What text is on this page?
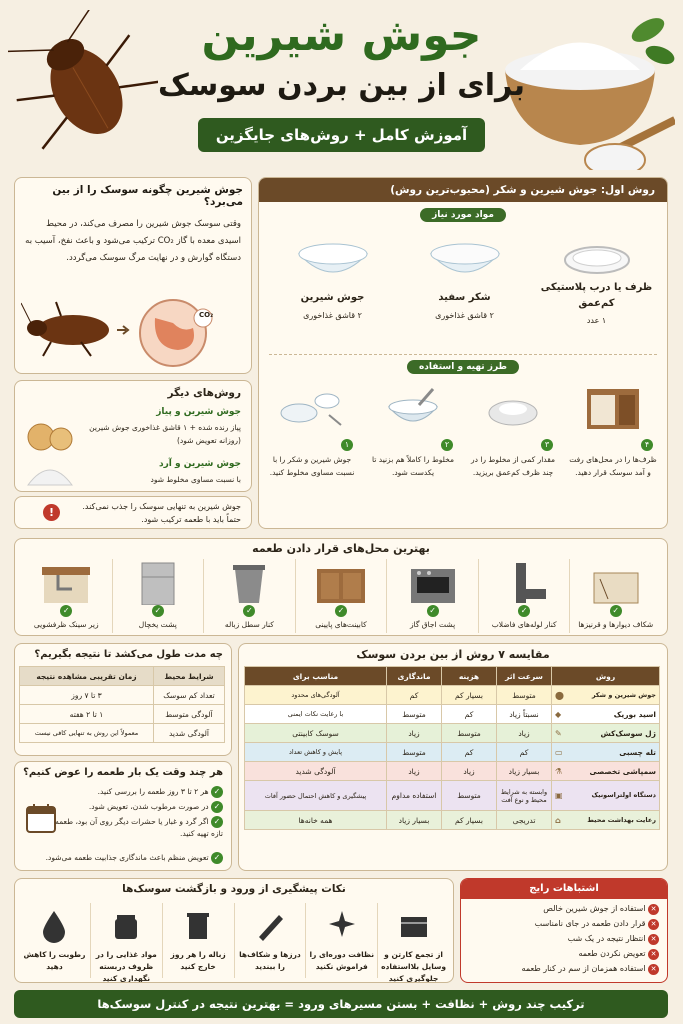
جوش شیرین
برای از بین بردن سوسک
آموزش کامل + روش‌های جایگزین
جوش شیرین چگونه سوسک را از بین می‌برد؟
وقتی سوسک جوش شیرین را مصرف می‌کند، در محیط اسیدی معده با گاز CO₂ ترکیب می‌شود و باعث نفخ، آسیب به دستگاه گوارش و در نهایت مرگ سوسک می‌گردد.
CO₂
روش‌های دیگر
جوش شیرین و پیاز
پیاز رنده شده + ۱ قاشق غذاخوری جوش شیرین (روزانه تعویض شود)
جوش شیرین و آرد
با نسبت مساوی مخلوط شود
!	جوش شیرین به تنهایی سوسک را جذب نمی‌کند. حتماً باید با طعمه ترکیب شود.
روش اول: جوش شیرین و شکر (محبوب‌ترین روش)
مواد مورد نیاز
ظرف یا درب پلاستیکی کم‌عمق
۱ عدد
شکر سفید
۲ قاشق غذاخوری
جوش شیرین
۲ قاشق غذاخوری
طرز تهیه و استفاده
۴
ظرف‌ها را در محل‌های رفت و آمد سوسک قرار دهید.
۳
مقدار کمی از مخلوط را در چند ظرف کم‌عمق بریزید.
۲
مخلوط را کاملاً هم بزنید تا یکدست شود.
۱
جوش شیرین و شکر را با نسبت مساوی مخلوط کنید.
بهترین محل‌های قرار دادن طعمه
✓
شکاف دیوارها و قرنیزها
✓
کنار لوله‌های فاضلاب
✓
پشت اجاق گاز
✓
کابینت‌های پایینی
✓
کنار سطل زباله
✓
پشت یخچال
✓
زیر سینک ظرفشویی
چه مدت طول می‌کشد تا نتیجه بگیریم؟
شرایط محیط	زمان تقریبی مشاهده نتیجه
تعداد کم سوسک	۳ تا ۷ روز
آلودگی متوسط	۱ تا ۲ هفته
آلودگی شدید	معمولاً این روش به تنهایی کافی نیست
هر چند وقت یک بار طعمه را عوض کنیم؟
✓ هر ۲ تا ۳ روز طعمه را بررسی کنید.
✓ در صورت مرطوب شدن، تعویض شود.
✓ اگر گرد و غبار یا حشرات دیگر روی آن بود، طعمه تازه تهیه کنید.
✓ تعویض منظم باعث ماندگاری جذابیت طعمه می‌شود.
مقایسه ۷ روش از بین بردن سوسک
روش	سرعت اثر	هزینه	ماندگاری	مناسب برای

⬤ جوش شیرین و شکر	متوسط	بسیار کم	کم	آلودگی‌های محدود

◆ اسید بوریک	نسبتاً زیاد	کم	متوسط	با رعایت نکات ایمنی

✎ ژل سوسک‌کش	زیاد	متوسط	زیاد	سوسک کابینتی

▭ تله چسبی	کم	کم	متوسط	پایش و کاهش تعداد

⚗ سمپاشی تخصصی	بسیار زیاد	زیاد	زیاد	آلودگی شدید

▣ دستگاه اولتراسونیک	وابسته به شرایط محیط و نوع آفت	متوسط	استفاده مداوم	پیشگیری و کاهش احتمال حضور آفات

⌂ رعایت بهداشت محیط	تدریجی	بسیار کم	بسیار زیاد	همه خانه‌ها
نکات پیشگیری از ورود و بازگشت سوسک‌ها
از تجمع کارتن و وسایل بلااستفاده جلوگیری کنید
نظافت دوره‌ای را فراموش نکنید
درزها و شکاف‌ها را ببندید
زباله را هر روز خارج کنید
مواد غذایی را در ظروف دربسته نگهداری کنید
رطوبت را کاهش دهید
اشتباهات رایج
✕ استفاده از جوش شیرین خالص
✕ قرار دادن طعمه در جای نامناسب
✕ انتظار نتیجه در یک شب
✕ تعویض نکردن طعمه
✕ استفاده همزمان از سم در کنار طعمه
ترکیب چند روش + نظافت + بستن مسیرهای ورود = بهترین نتیجه در کنترل سوسک‌ها
